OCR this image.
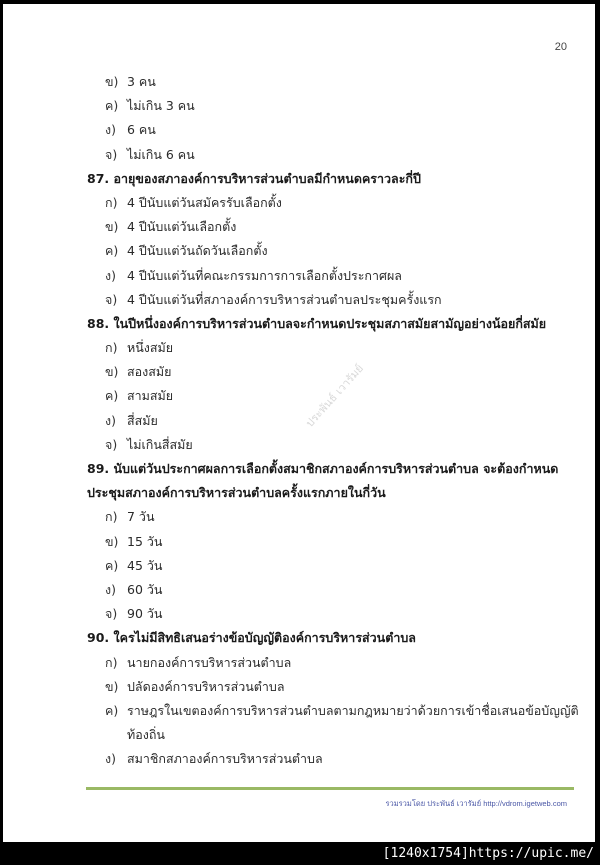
20
ประพันธ์ เวารัมย์
ข) 3 คน
ค) ไม่เกิน 3 คน
ง) 6 คน
จ) ไม่เกิน 6 คน
87. อายุของสภาองค์การบริหารส่วนตำบลมีกำหนดคราวละกี่ปี
ก) 4 ปีนับแต่วันสมัครรับเลือกตั้ง
ข) 4 ปีนับแต่วันเลือกตั้ง
ค) 4 ปีนับแต่วันถัดวันเลือกตั้ง
ง) 4 ปีนับแต่วันที่คณะกรรมการการเลือกตั้งประกาศผล
จ) 4 ปีนับแต่วันที่สภาองค์การบริหารส่วนตำบลประชุมครั้งแรก
88. ในปีหนึ่งองค์การบริหารส่วนตำบลจะกำหนดประชุมสภาสมัยสามัญอย่างน้อยกี่สมัย
ก) หนึ่งสมัย
ข) สองสมัย
ค) สามสมัย
ง) สี่สมัย
จ) ไม่เกินสี่สมัย
89. นับแต่วันประกาศผลการเลือกตั้งสมาชิกสภาองค์การบริหารส่วนตำบล จะต้องกำหนด
ประชุมสภาองค์การบริหารส่วนตำบลครั้งแรกภายในกี่วัน
ก) 7 วัน
ข) 15 วัน
ค) 45 วัน
ง) 60 วัน
จ) 90 วัน
90. ใครไม่มีสิทธิเสนอร่างข้อบัญญัติองค์การบริหารส่วนตำบล
ก) นายกองค์การบริหารส่วนตำบล
ข) ปลัดองค์การบริหารส่วนตำบล
ค) ราษฎรในเขตองค์การบริหารส่วนตำบลตามกฎหมายว่าด้วยการเข้าชื่อเสนอข้อบัญญัติ
ท้องถิ่น
ง) สมาชิกสภาองค์การบริหารส่วนตำบล
รวมรวมโดย ประพันธ์ เวารัมย์ http://vdrom.igetweb.com
[1240x1754]https://upic.me/
